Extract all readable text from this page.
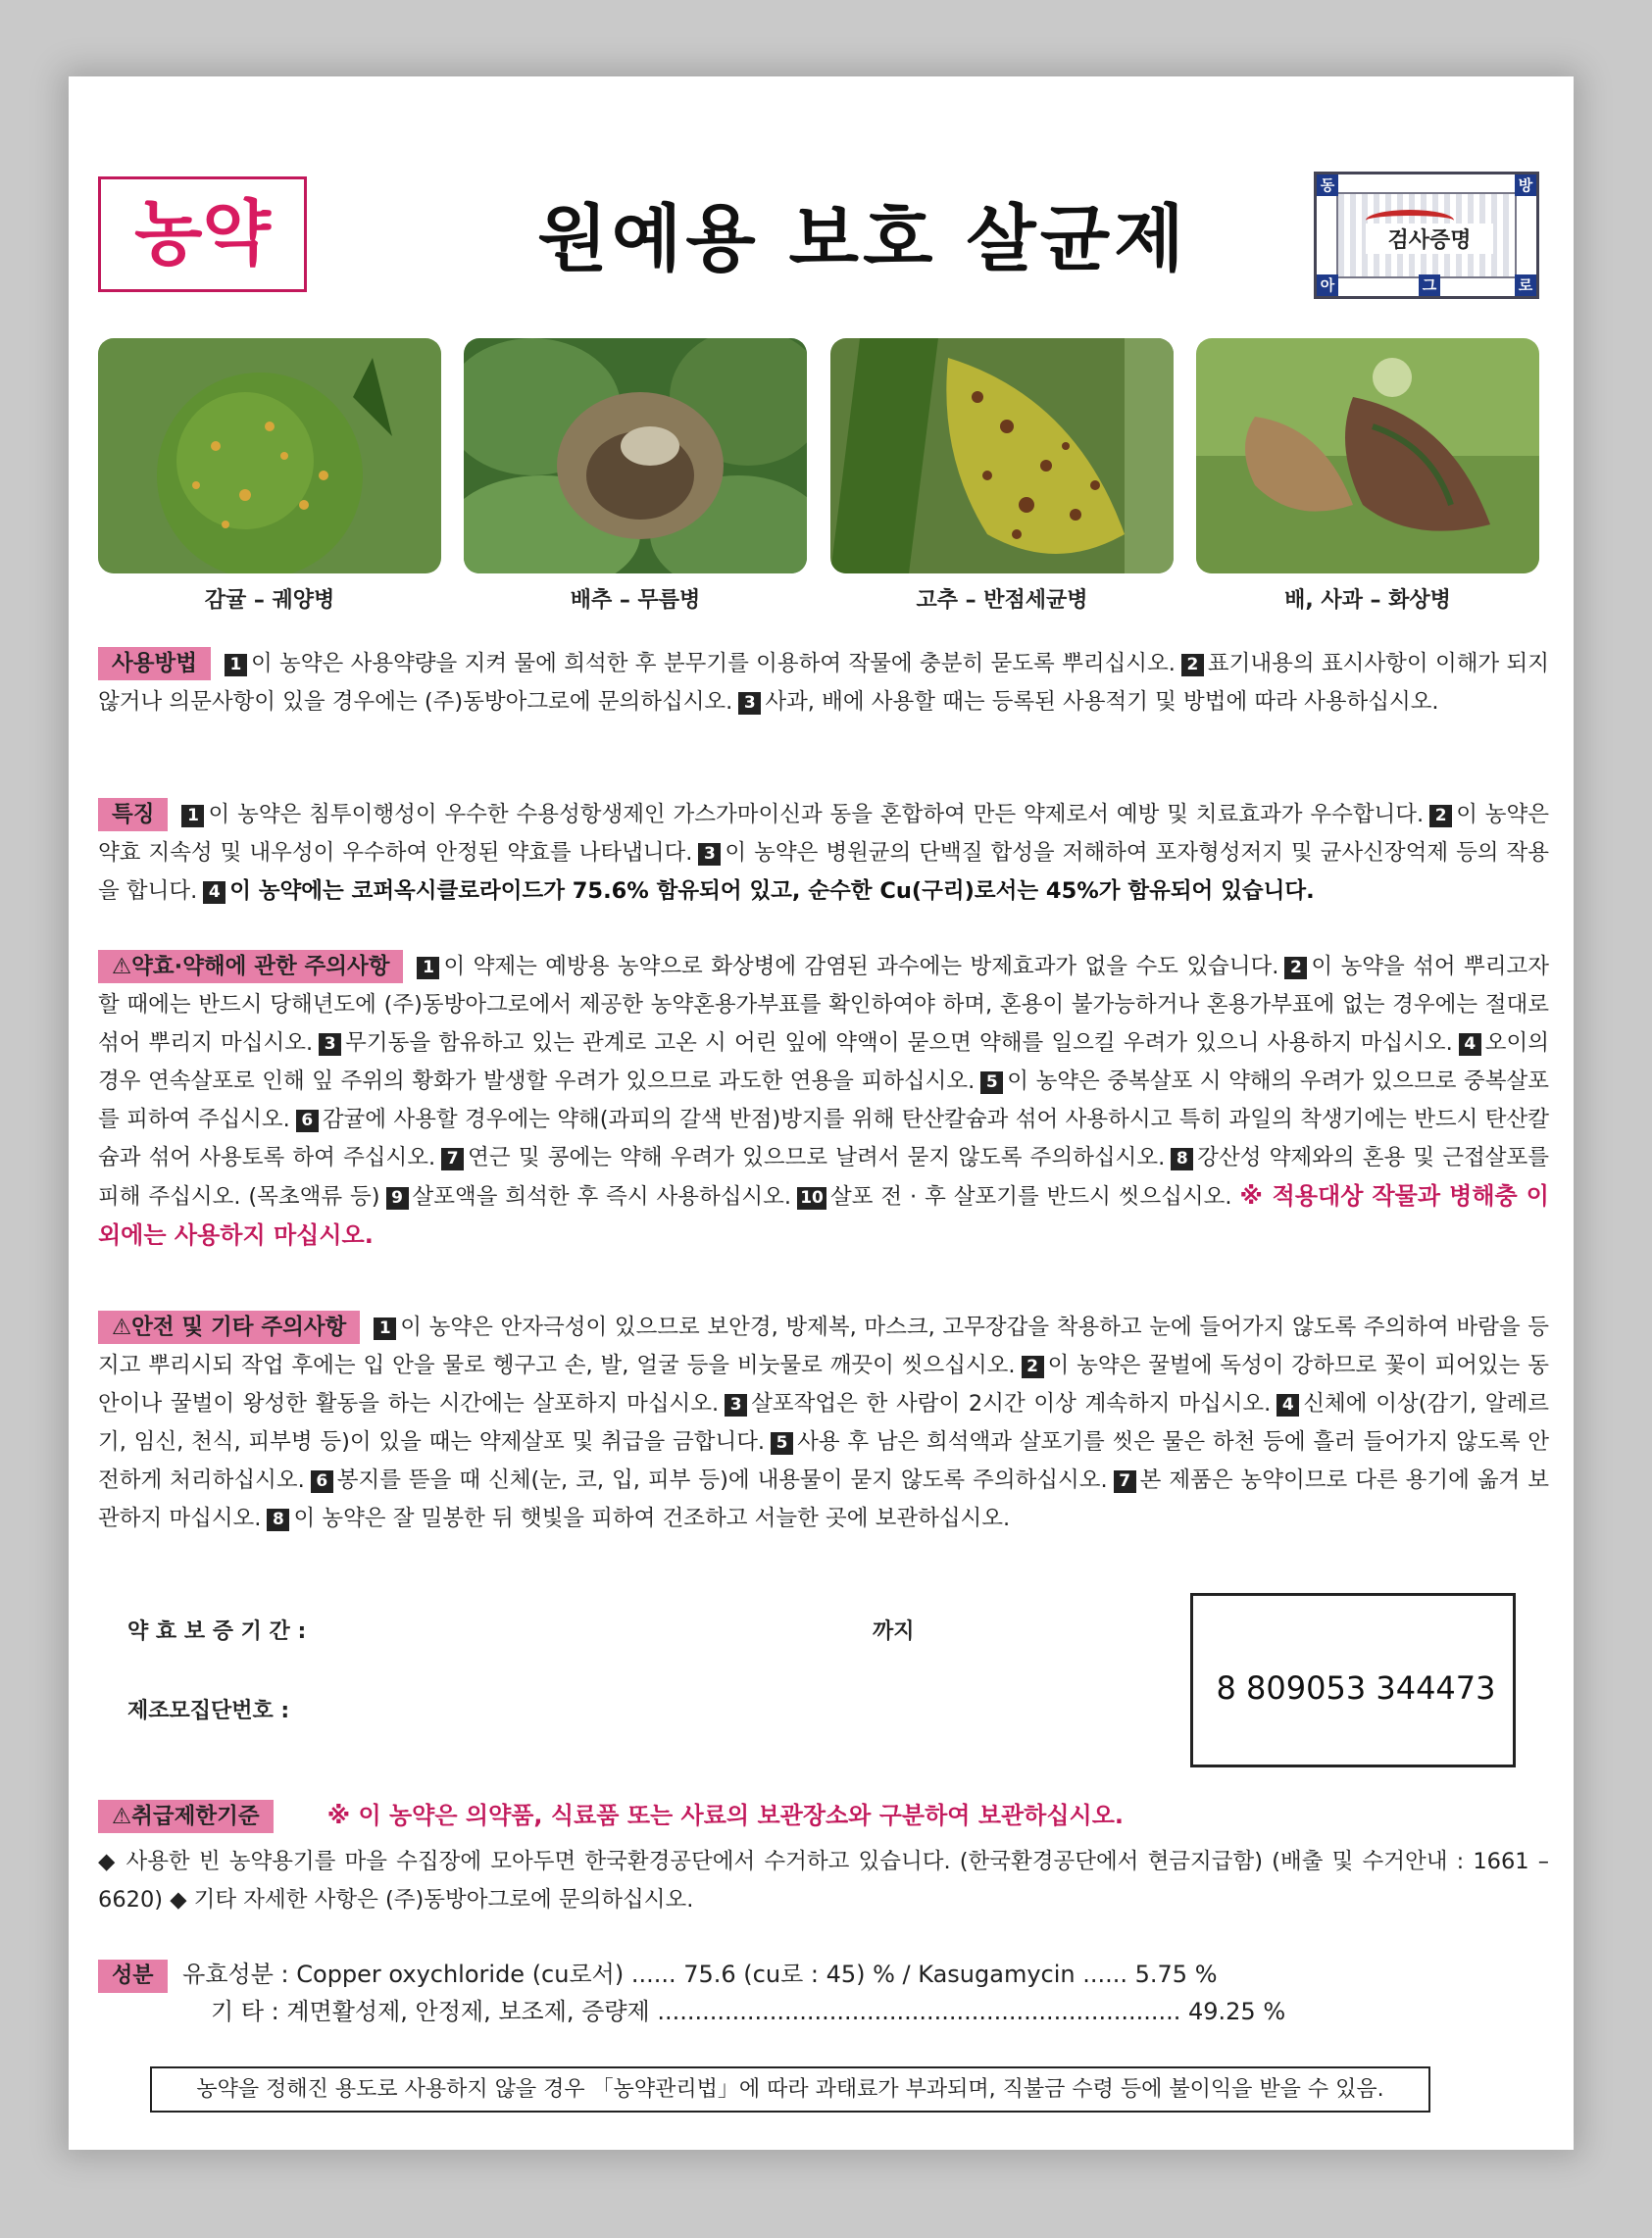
농약	원예용 보호 살균제	검사증명
동	방
아	그	로
감귤 – 궤양병	배추 – 무름병	고추 – 반점세균병	배, 사과 – 화상병
사용방법 1 이 농약은 사용약량을 지켜 물에 희석한 후 분무기를 이용하여 작물에 충분히 묻도록 뿌리십시오. 2 표기내용의 표시사항이 이해가 되지 않거나 의문사항이 있을 경우에는 (주)동방아그로에 문의하십시오. 3 사과, 배에 사용할 때는 등록된 사용적기 및 방법에 따라 사용하십시오.
특징 1 이 농약은 침투이행성이 우수한 수용성항생제인 가스가마이신과 동을 혼합하여 만든 약제로서 예방 및 치료효과가 우수합니다. 2 이 농약은 약효 지속성 및 내우성이 우수하여 안정된 약효를 나타냅니다. 3 이 농약은 병원균의 단백질 합성을 저해하여 포자형성저지 및 균사신장억제 등의 작용을 합니다. 4 이 농약에는 코퍼옥시클로라이드가 75.6% 함유되어 있고, 순수한 Cu(구리)로서는 45%가 함유되어 있습니다.
⚠약효·약해에 관한 주의사항 1 이 약제는 예방용 농약으로 화상병에 감염된 과수에는 방제효과가 없을 수도 있습니다. 2 이 농약을 섞어 뿌리고자 할 때에는 반드시 당해년도에 (주)동방아그로에서 제공한 농약혼용가부표를 확인하여야 하며, 혼용이 불가능하거나 혼용가부표에 없는 경우에는 절대로 섞어 뿌리지 마십시오. 3 무기동을 함유하고 있는 관계로 고온 시 어린 잎에 약액이 묻으면 약해를 일으킬 우려가 있으니 사용하지 마십시오. 4 오이의 경우 연속살포로 인해 잎 주위의 황화가 발생할 우려가 있으므로 과도한 연용을 피하십시오. 5 이 농약은 중복살포 시 약해의 우려가 있으므로 중복살포를 피하여 주십시오. 6 감귤에 사용할 경우에는 약해(과피의 갈색 반점)방지를 위해 탄산칼슘과 섞어 사용하시고 특히 과일의 착생기에는 반드시 탄산칼슘과 섞어 사용토록 하여 주십시오. 7 연근 및 콩에는 약해 우려가 있으므로 날려서 묻지 않도록 주의하십시오. 8 강산성 약제와의 혼용 및 근접살포를 피해 주십시오. (목초액류 등) 9 살포액을 희석한 후 즉시 사용하십시오. 10 살포 전 · 후 살포기를 반드시 씻으십시오. ※ 적용대상 작물과 병해충 이외에는 사용하지 마십시오.
⚠안전 및 기타 주의사항 1 이 농약은 안자극성이 있으므로 보안경, 방제복, 마스크, 고무장갑을 착용하고 눈에 들어가지 않도록 주의하여 바람을 등지고 뿌리시되 작업 후에는 입 안을 물로 헹구고 손, 발, 얼굴 등을 비눗물로 깨끗이 씻으십시오. 2 이 농약은 꿀벌에 독성이 강하므로 꽃이 피어있는 동안이나 꿀벌이 왕성한 활동을 하는 시간에는 살포하지 마십시오. 3 살포작업은 한 사람이 2시간 이상 계속하지 마십시오. 4 신체에 이상(감기, 알레르기, 임신, 천식, 피부병 등)이 있을 때는 약제살포 및 취급을 금합니다. 5 사용 후 남은 희석액과 살포기를 씻은 물은 하천 등에 흘러 들어가지 않도록 안전하게 처리하십시오. 6 봉지를 뜯을 때 신체(눈, 코, 입, 피부 등)에 내용물이 묻지 않도록 주의하십시오. 7 본 제품은 농약이므로 다른 용기에 옮겨 보관하지 마십시오. 8 이 농약은 잘 밀봉한 뒤 햇빛을 피하여 건조하고 서늘한 곳에 보관하십시오.
약 효 보 증 기 간 :	까지
제조모집단번호 :
8 809053 344473
⚠취급제한기준	※ 이 농약은 의약품, 식료품 또는 사료의 보관장소와 구분하여 보관하십시오.
◆ 사용한 빈 농약용기를 마을 수집장에 모아두면 한국환경공단에서 수거하고 있습니다. (한국환경공단에서 현금지급함) (배출 및 수거안내 : 1661 – 6620) ◆ 기타 자세한 사항은 (주)동방아그로에 문의하십시오.
성분 유효성분 : Copper oxychloride (cu로서) ...... 75.6 (cu로 : 45) % / Kasugamycin ...... 5.75 %
기 타 : 계면활성제, 안정제, 보조제, 증량제 ...................................................................... 49.25 %
농약을 정해진 용도로 사용하지 않을 경우 「농약관리법」에 따라 과태료가 부과되며, 직불금 수령 등에 불이익을 받을 수 있음.
